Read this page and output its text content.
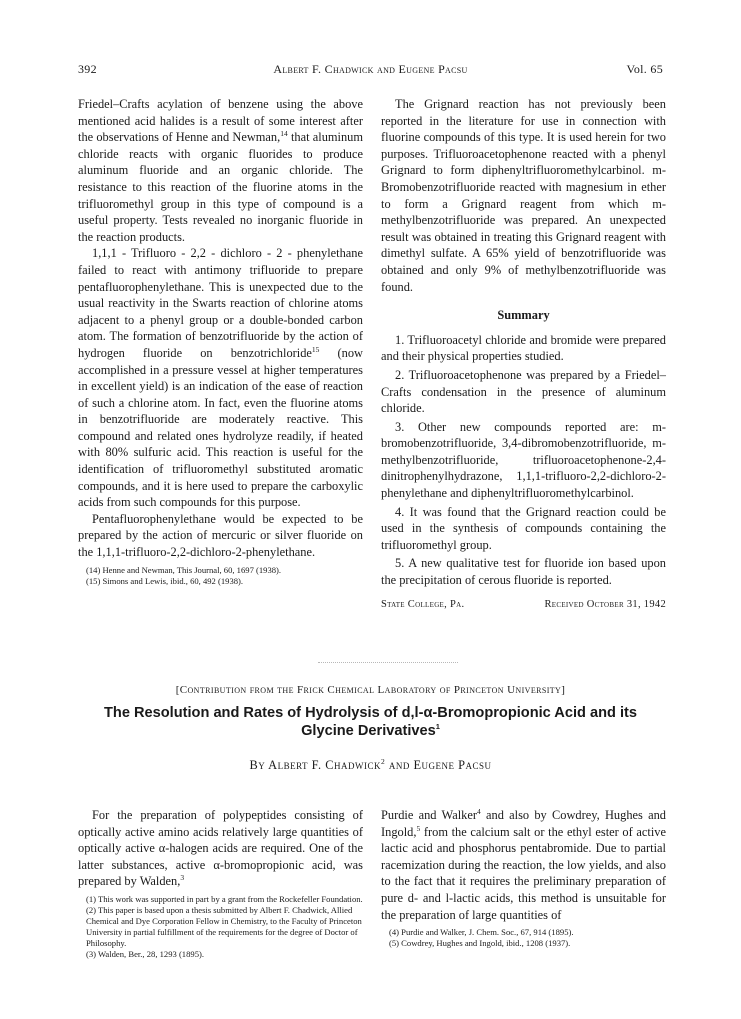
392	Albert F. Chadwick and Eugene Pacsu	Vol. 65

Friedel–Crafts acylation of benzene using the above mentioned acid halides is a result of some interest after the observations of Henne and Newman,$^{14}$ that aluminum chloride reacts with organic fluorides to produce aluminum fluoride and an organic chloride. The resistance to this reaction of the fluorine atoms in the trifluoromethyl group in this type of compound is a useful property. Tests revealed no inorganic fluoride in the reaction products.

1,1,1 - Trifluoro - 2,2 - dichloro - 2 - phenylethane failed to react with antimony trifluoride to prepare pentafluorophenylethane. This is unexpected due to the usual reactivity in the Swarts reaction of chlorine atoms adjacent to a phenyl group or a double-bonded carbon atom. The formation of benzotrifluoride by the action of hydrogen fluoride on benzotrichloride$^{15}$ (now accomplished in a pressure vessel at higher temperatures in excellent yield) is an indication of the ease of reaction of such a chlorine atom. In fact, even the fluorine atoms in benzotrifluoride are moderately reactive. This compound and related ones hydrolyze readily, if heated with 80% sulfuric acid. This reaction is useful for the identification of trifluoromethyl substituted aromatic compounds, and it is here used to prepare the carboxylic acids from such compounds for this purpose.

Pentafluorophenylethane would be expected to be prepared by the action of mercuric or silver fluoride on the 1,1,1-trifluoro-2,2-dichloro-2-phenylethane.

(14) Henne and Newman, This Journal, 60, 1697 (1938).

(15) Simons and Lewis, ibid., 60, 492 (1938).

The Grignard reaction has not previously been reported in the literature for use in connection with fluorine compounds of this type. It is used herein for two purposes. Trifluoroacetophenone reacted with a phenyl Grignard to form diphenyltrifluoromethylcarbinol. m-Bromobenzotrifluoride reacted with magnesium in ether to form a Grignard reagent from which m-methylbenzotrifluoride was prepared. An unexpected result was obtained in treating this Grignard reagent with dimethyl sulfate. A 65% yield of benzotrifluoride was obtained and only 9% of methylbenzotrifluoride was found.

Summary

1. Trifluoroacetyl chloride and bromide were prepared and their physical properties studied.

2. Trifluoroacetophenone was prepared by a Friedel–Crafts condensation in the presence of aluminum chloride.

3. Other new compounds reported are: m-bromobenzotrifluoride, 3,4-dibromobenzotrifluoride, m-methylbenzotrifluoride, trifluoroacetophenone-2,4-dinitrophenylhydrazone, 1,1,1-trifluoro-2,2-dichloro-2-phenylethane and diphenyltrifluoromethylcarbinol.

4. It was found that the Grignard reaction could be used in the synthesis of compounds containing the trifluoromethyl group.

5. A new qualitative test for fluoride ion based upon the precipitation of cerous fluoride is reported.

State College, Pa.	Received October 31, 1942
[Contribution from the Frick Chemical Laboratory of Princeton University]
The Resolution and Rates of Hydrolysis of d,l-α-Bromopropionic Acid and its Glycine Derivatives$^1$
By Albert F. Chadwick$^2$ and Eugene Pacsu

For the preparation of polypeptides consisting of optically active amino acids relatively large quantities of optically active α-halogen acids are required. One of the latter substances, active α-bromopropionic acid, was prepared by Walden,$^3$

(1) This work was supported in part by a grant from the Rockefeller Foundation.

(2) This paper is based upon a thesis submitted by Albert F. Chadwick, Allied Chemical and Dye Corporation Fellow in Chemistry, to the Faculty of Princeton University in partial fulfillment of the requirements for the degree of Doctor of Philosophy.

(3) Walden, Ber., 28, 1293 (1895).

Purdie and Walker$^4$ and also by Cowdrey, Hughes and Ingold,$^5$ from the calcium salt or the ethyl ester of active lactic acid and phosphorus pentabromide. Due to partial racemization during the reaction, the low yields, and also to the fact that it requires the preliminary preparation of pure d- and l-lactic acids, this method is unsuitable for the preparation of large quantities of

(4) Purdie and Walker, J. Chem. Soc., 67, 914 (1895).

(5) Cowdrey, Hughes and Ingold, ibid., 1208 (1937).
